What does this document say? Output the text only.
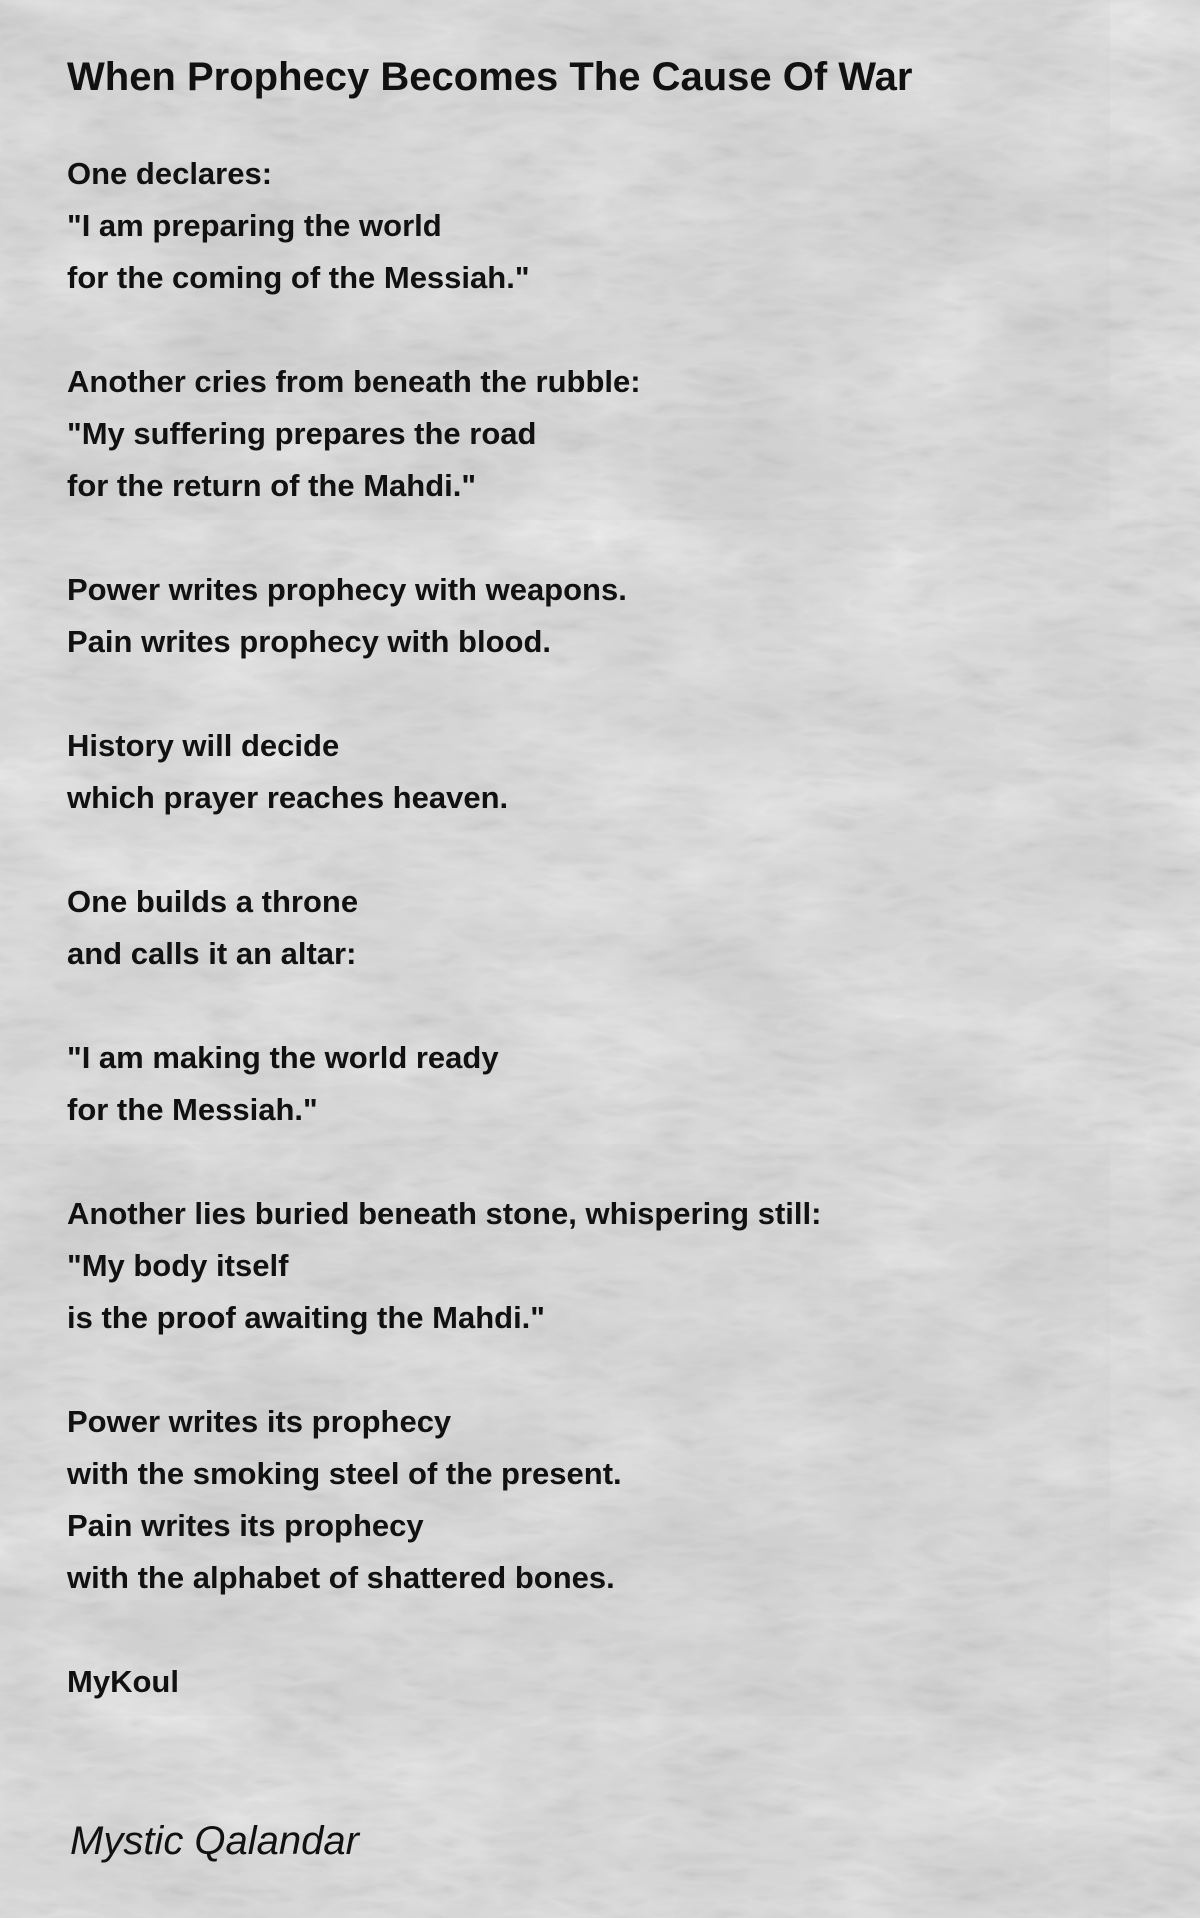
When Prophecy Becomes The Cause Of War
One declares:
"I am preparing the world
for the coming of the Messiah."
Another cries from beneath the rubble:
"My suffering prepares the road
for the return of the Mahdi."
Power writes prophecy with weapons.
Pain writes prophecy with blood.
History will decide
which prayer reaches heaven.
One builds a throne
and calls it an altar:
"I am making the world ready
for the Messiah."
Another lies buried beneath stone, whispering still:
"My body itself
is the proof awaiting the Mahdi."
Power writes its prophecy
with the smoking steel of the present.
Pain writes its prophecy
with the alphabet of shattered bones.
MyKoul
Mystic Qalandar
